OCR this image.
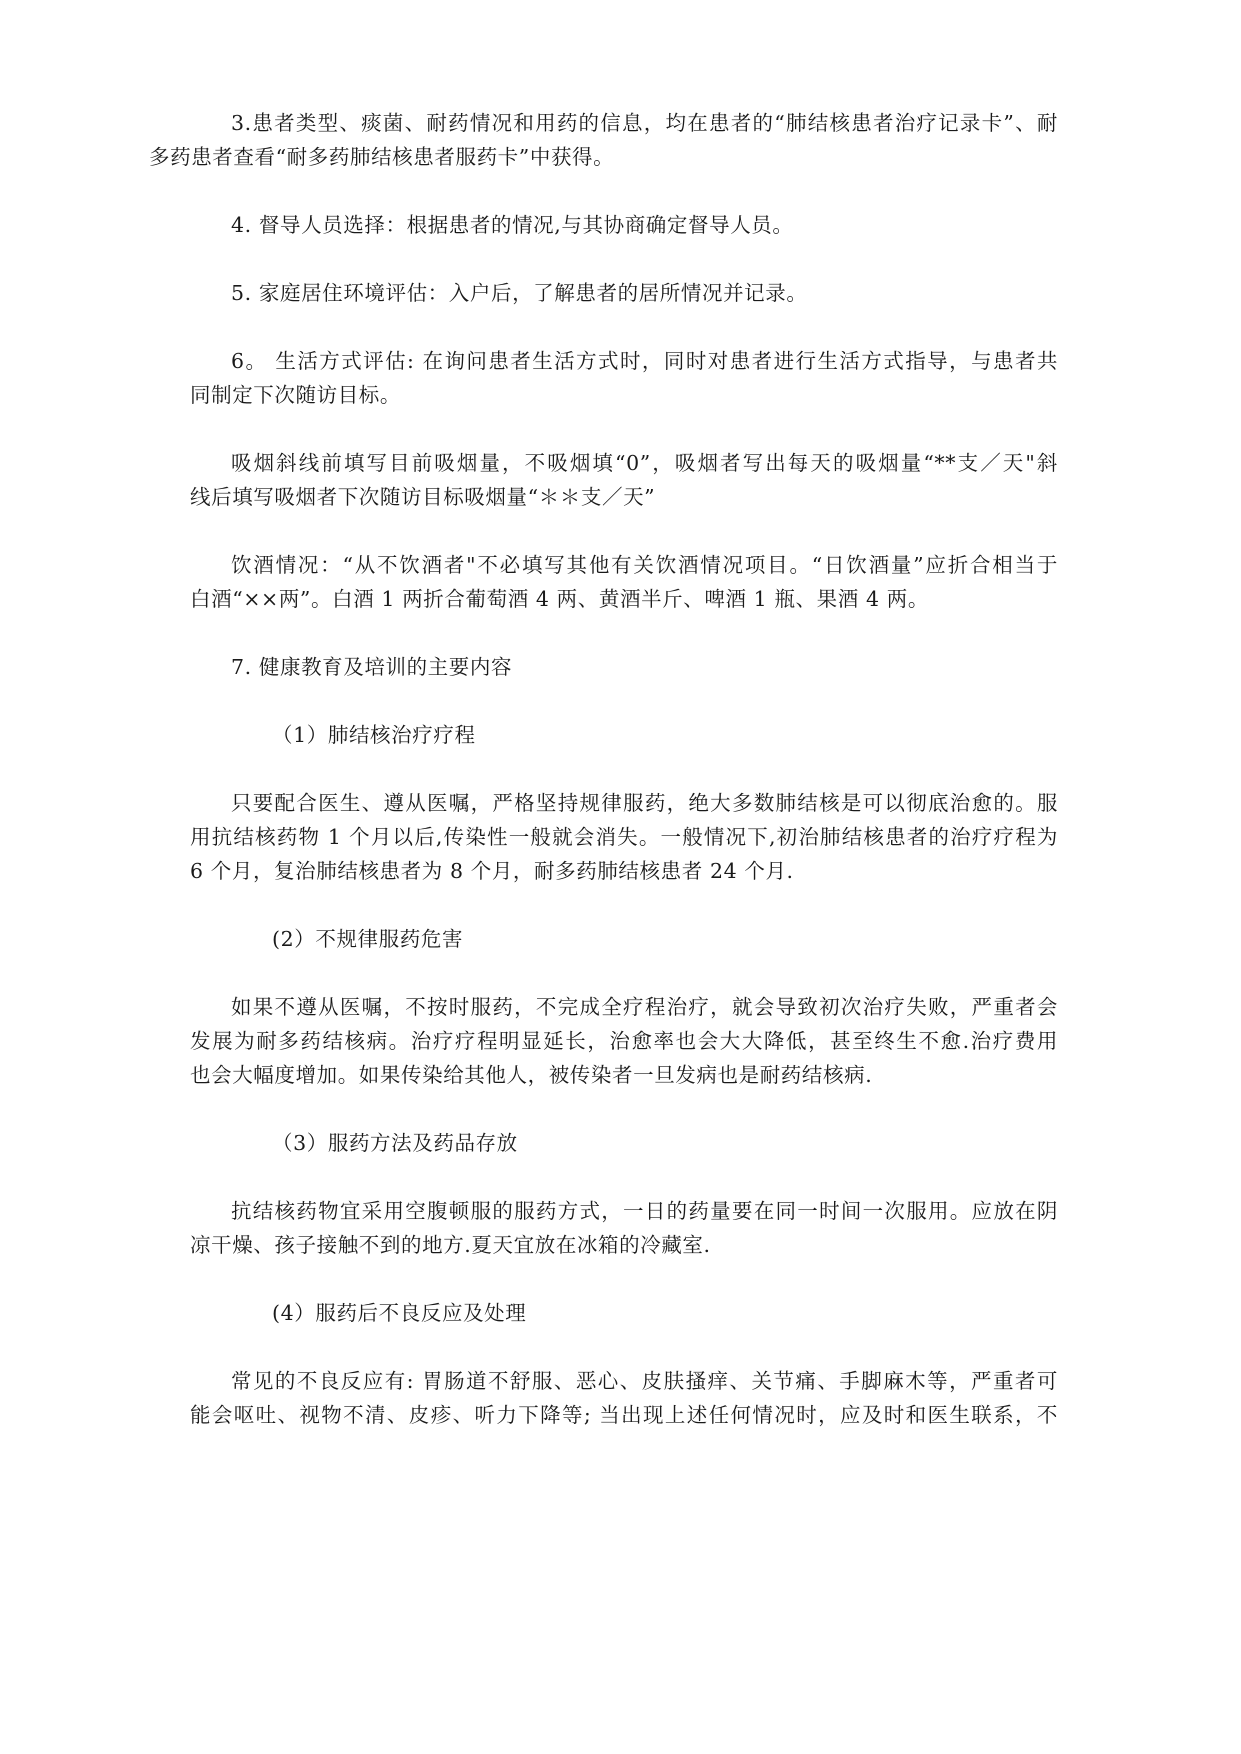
3.患者类型、痰菌、耐药情况和用药的信息，均在患者的“肺结核患者治疗记录卡”、耐
多药患者查看“耐多药肺结核患者服药卡”中获得。

4. 督导人员选择：根据患者的情况,与其协商确定督导人员。

5. 家庭居住环境评估：入户后，了解患者的居所情况并记录。

6。 生活方式评估: 在询问患者生活方式时，同时对患者进行生活方式指导，与患者共
同制定下次随访目标。

吸烟斜线前填写目前吸烟量，不吸烟填“0”，吸烟者写出每天的吸烟量“**支／天"斜
线后填写吸烟者下次随访目标吸烟量“＊＊支／天”

饮酒情况：“从不饮酒者"不必填写其他有关饮酒情况项目。“日饮酒量”应折合相当于
白酒“××两”。白酒 1 两折合葡萄酒 4 两、黄酒半斤、啤酒 1 瓶、果酒 4 两。

7. 健康教育及培训的主要内容

（1）肺结核治疗疗程

只要配合医生、遵从医嘱，严格坚持规律服药，绝大多数肺结核是可以彻底治愈的。服
用抗结核药物 1 个月以后,传染性一般就会消失。一般情况下,初治肺结核患者的治疗疗程为
6 个月，复治肺结核患者为 8 个月，耐多药肺结核患者 24 个月.

(2）不规律服药危害

如果不遵从医嘱，不按时服药，不完成全疗程治疗，就会导致初次治疗失败，严重者会
发展为耐多药结核病。治疗疗程明显延长，治愈率也会大大降低，甚至终生不愈.治疗费用
也会大幅度增加。如果传染给其他人，被传染者一旦发病也是耐药结核病.

（3）服药方法及药品存放

抗结核药物宜采用空腹顿服的服药方式，一日的药量要在同一时间一次服用。应放在阴
凉干燥、孩子接触不到的地方.夏天宜放在冰箱的冷藏室.

(4）服药后不良反应及处理

常见的不良反应有: 胃肠道不舒服、恶心、皮肤搔痒、关节痛、手脚麻木等，严重者可
能会呕吐、视物不清、皮疹、听力下降等; 当出现上述任何情况时，应及时和医生联系，不
